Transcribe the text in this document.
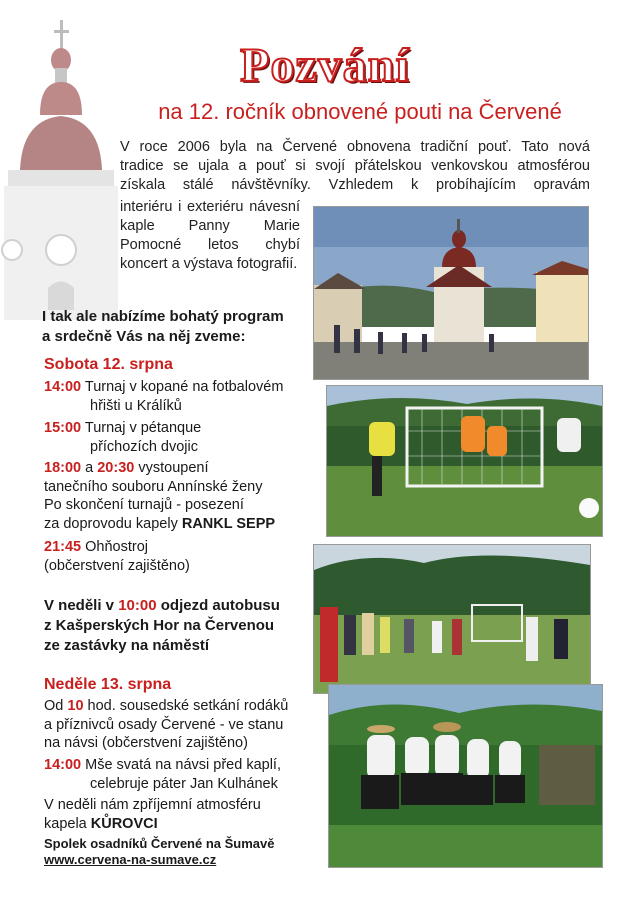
Pozvání
na 12. ročník obnovené pouti na Červené
V roce 2006 byla na Červené obnovena tradiční pouť. Tato nová
tradice se ujala a pouť si svojí přátelskou venkovskou atmosférou
získala stálé návštěvníky. Vzhledem k probíhajícím opravám
interiéru i exteriéru návesní kaple Panny Marie Pomocné letos chybí koncert a výstava fotografií.
I tak ale nabízíme bohatý program
a srdečně Vás na něj zveme:
Sobota 12. srpna
14:00 Turnaj v kopané na fotbalovém
hřišti u Králíků
15:00 Turnaj v pétanque
příchozích dvojic
18:00 a 20:30 vystoupení
tanečního souboru Annínské ženy
Po skončení turnajů - posezení
za doprovodu kapely RANKL SEPP
21:45 Ohňostroj
(občerstvení zajištěno)
V neděli v 10:00 odjezd autobusu
z Kašperských Hor na Červenou
ze zastávky na náměstí
Neděle 13. srpna
Od 10 hod. sousedské setkání rodáků
a příznivců osady Červené - ve stanu
na návsi (občerstvení zajištěno)
14:00 Mše svatá na návsi před kaplí,
celebruje páter Jan Kulhánek
V neděli nám zpříjemní atmosféru
kapela KŮROVCI
Spolek osadníků Červené na Šumavě
www.cervena-na-sumave.cz
